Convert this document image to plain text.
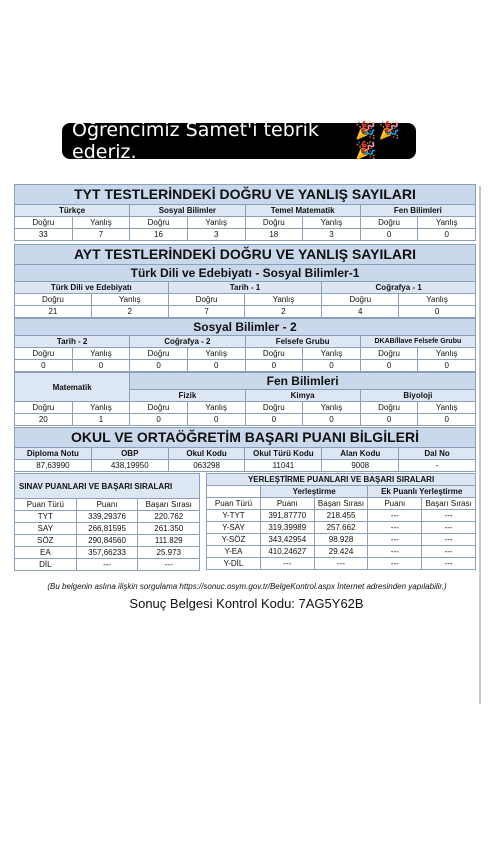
Öğrencimiz Samet'i tebrik ederiz.
🎉🎉🎉
TYT TESTLERİNDEKİ DOĞRU VE YANLIŞ SAYILARI							
Türkçe		Sosyal Bilimler		Temel Matematik		Fen Bilimleri	
Doğru	Yanlış	Doğru	Yanlış	Doğru	Yanlış	Doğru	Yanlış
33	7	16	3	18	3	0	0
AYT TESTLERİNDEKİ DOĞRU VE YANLIŞ SAYILARI					
Türk Dili ve Edebiyatı - Sosyal Bilimler-1					
Türk Dili ve Edebiyatı		Tarih - 1		Coğrafya - 1	
Doğru	Yanlış	Doğru	Yanlış	Doğru	Yanlış
21	2	7	2	4	0
Sosyal Bilimler - 2							
Tarih - 2		Coğrafya - 2		Felsefe Grubu		DKAB/İlave Felsefe Grubu	
Doğru	Yanlış	Doğru	Yanlış	Doğru	Yanlış	Doğru	Yanlış
0	0	0	0	0	0	0	0
Matematik		Fen Bilimleri					
		Fizik		Kimya		Biyoloji	
Doğru	Yanlış	Doğru	Yanlış	Doğru	Yanlış	Doğru	Yanlış
20	1	0	0	0	0	0	0
OKUL VE ORTAÖĞRETİM BAŞARI PUANI BİLGİLERİ					
Diploma Notu	OBP	Okul Kodu	Okul Türü Kodu	Alan Kodu	Dal No
87,63990	438,19950	063298	11041	9008	-
SINAV PUANLARI VE BAŞARI SIRALARI		
Puan Türü	Puanı	Başarı Sırası
TYT	339,29376	220.762
SAY	266,81595	261.350
SÖZ	290,84560	111.829
EA	357,66233	25.973
DİL	---	---
YERLEŞTİRME PUANLARI VE BAŞARI SIRALARI				
	Yerleştirme		Ek Puanlı Yerleştirme	
Puan Türü	Puanı	Başarı Sırası	Puanı	Başarı Sırası
Y-TYT	391,87770	218.455	---	---
Y-SAY	319,39989	257.662	---	---
Y-SÖZ	343,42954	98.928	---	---
Y-EA	410,24627	29.424	---	---
Y-DİL	---	---	---	---
(Bu belgenin aslına ilişkin sorgulama https://sonuc.osym.gov.tr/BelgeKontrol.aspx İnternet adresinden yapılabilir.)
Sonuç Belgesi Kontrol Kodu: 7AG5Y62B
